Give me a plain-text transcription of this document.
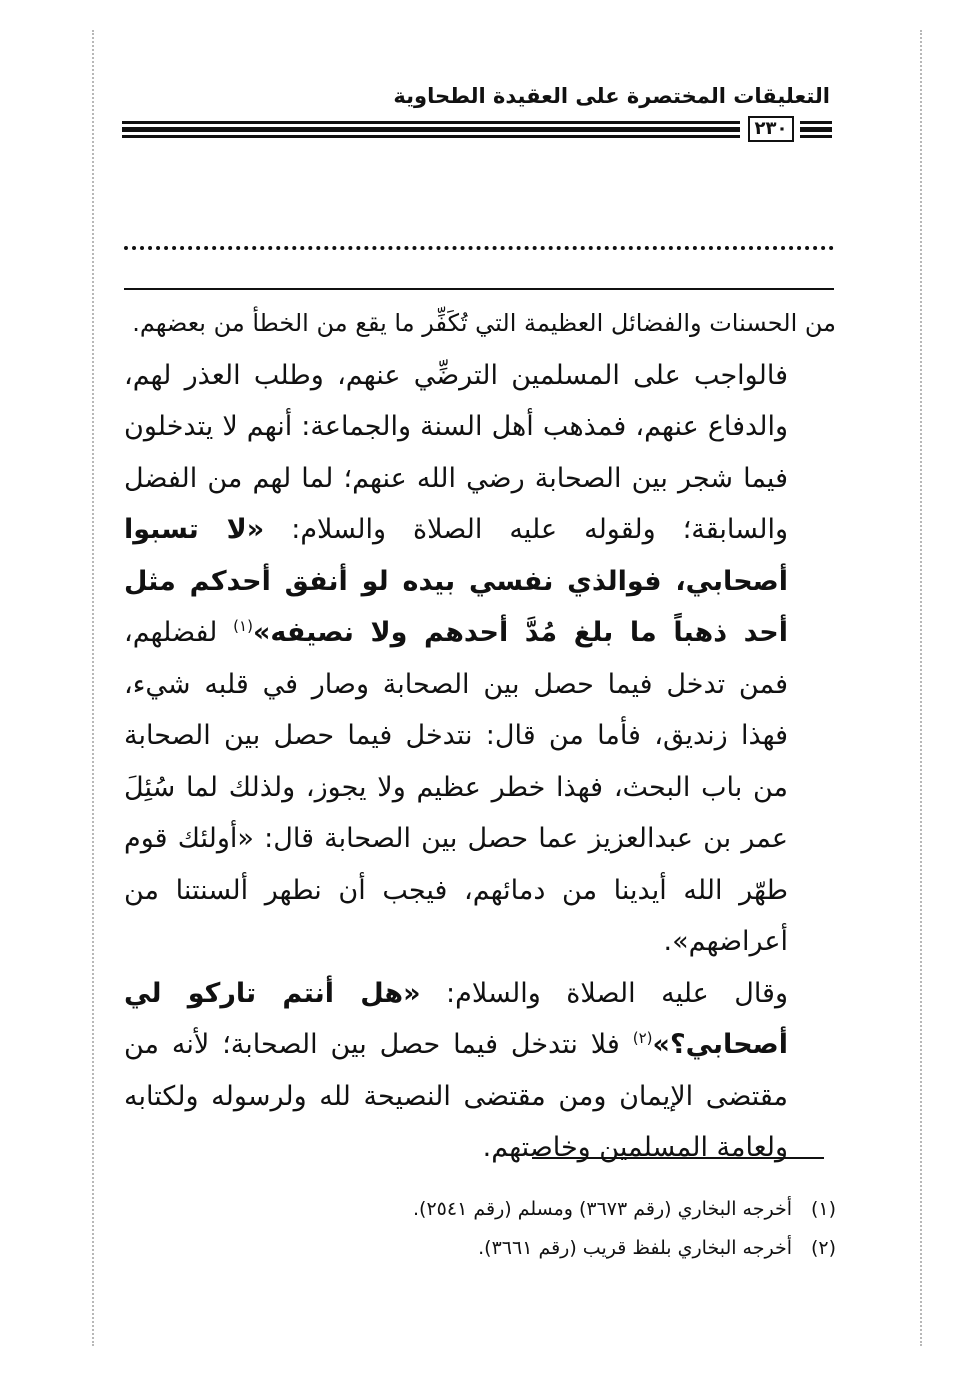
التعليقات المختصرة على العقيدة الطحاوية
٢٣٠

من الحسنات والفضائل العظيمة التي تُكَفِّر ما يقع من الخطأ من بعضهم.

فالواجب على المسلمين الترضِّي عنهم، وطلب العذر لهم، والدفاع عنهم، فمذهب أهل السنة والجماعة: أنهم لا يتدخلون فيما شجر بين الصحابة رضي الله عنهم؛ لما لهم من الفضل والسابقة؛ ولقوله عليه الصلاة والسلام: «لا تسبوا أصحابي، فوالذي نفسي بيده لو أنفق أحدكم مثل أحد ذهباً ما بلغ مُدَّ أحدهم ولا نصيفه»$^{(١)}$ لفضلهم، فمن تدخل فيما حصل بين الصحابة وصار في قلبه شيء، فهذا زنديق، فأما من قال: نتدخل فيما حصل بين الصحابة من باب البحث، فهذا خطر عظيم ولا يجوز، ولذلك لما سُئِلَ عمر بن عبدالعزيز عما حصل بين الصحابة قال: «أولئك قوم طهّر الله أيدينا من دمائهم، فيجب أن نطهر ألسنتنا من أعراضهم».

وقال عليه الصلاة والسلام: «هل أنتم تاركو لي أصحابي؟»$^{(٢)}$ فلا نتدخل فيما حصل بين الصحابة؛ لأنه من مقتضى الإيمان ومن مقتضى النصيحة لله ولرسوله ولكتابه ولعامة المسلمين وخاصتهم.

(١)أخرجه البخاري (رقم ٣٦٧٣) ومسلم (رقم ٢٥٤١).
(٢)أخرجه البخاري بلفظ قريب (رقم ٣٦٦١).
